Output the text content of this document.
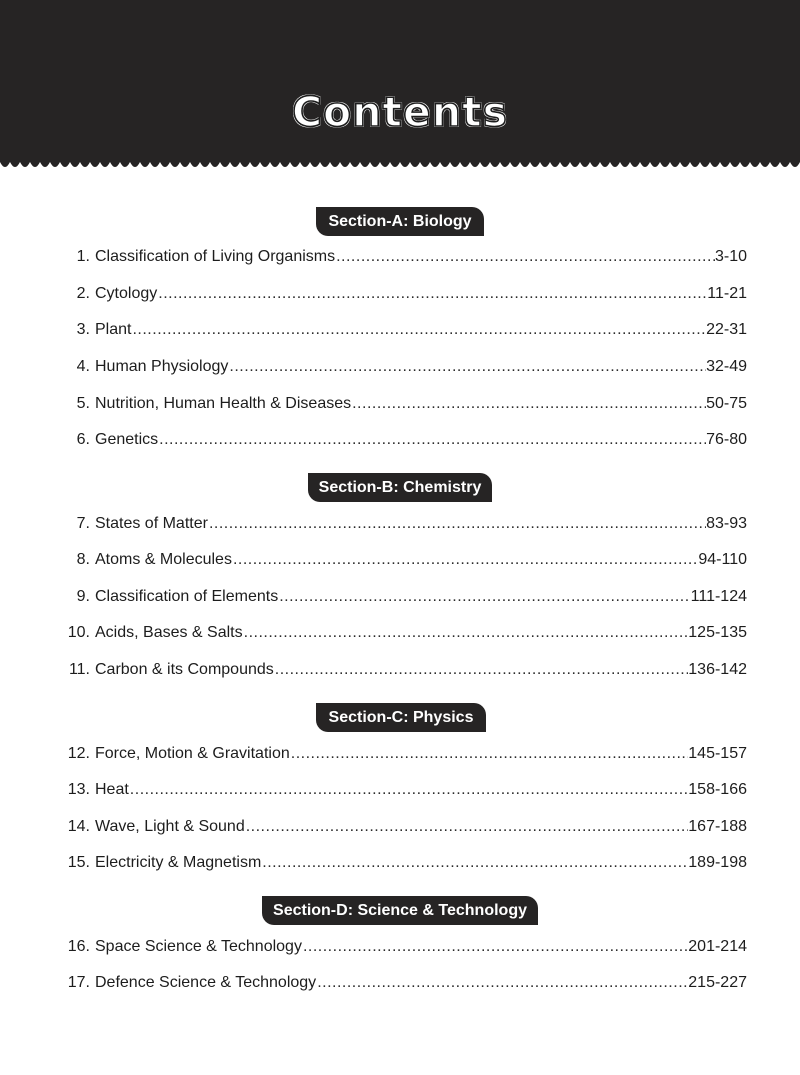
Contents
Section-A: Biology
1. Classification of Living Organisms .....	3-10
2. Cytology .....	11-21
3. Plant .....	22-31
4. Human Physiology .....	32-49
5. Nutrition, Human Health & Diseases .....	50-75
6. Genetics .....	76-80
Section-B: Chemistry
7. States of Matter .....	83-93
8. Atoms & Molecules .....	94-110
9. Classification of Elements .....	111-124
10. Acids, Bases & Salts .....	125-135
11. Carbon & its Compounds .....	136-142
Section-C: Physics
12. Force, Motion & Gravitation .....	145-157
13. Heat .....	158-166
14. Wave, Light & Sound .....	167-188
15. Electricity & Magnetism .....	189-198
Section-D: Science & Technology
16. Space Science & Technology .....	201-214
17. Defence Science & Technology .....	215-227
